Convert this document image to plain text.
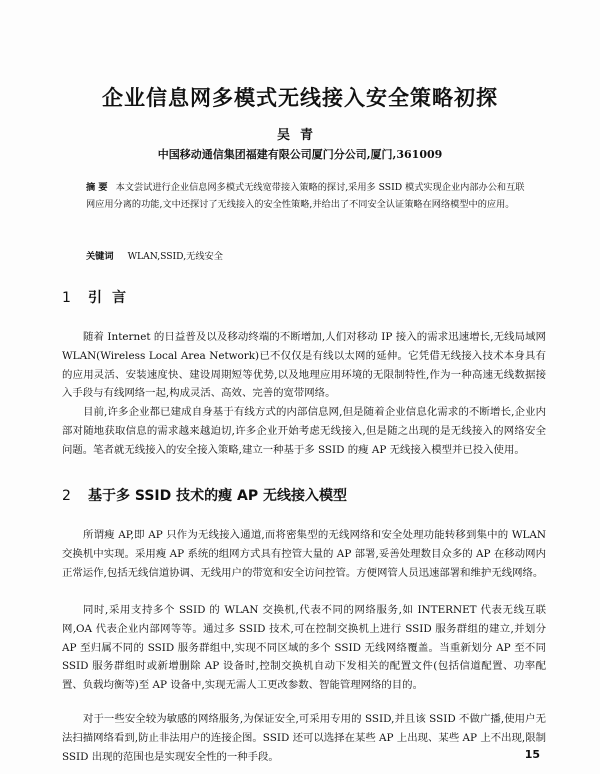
企业信息网多模式无线接入安全策略初探
吴青
中国移动通信集团福建有限公司厦门分公司,厦门,361009
摘 要 本文尝试进行企业信息网多模式无线宽带接入策略的探讨,采用多 SSID 模式实现企业内部办公和互联网应用分离的功能,文中还探讨了无线接入的安全性策略,并给出了不同安全认证策略在网络模型中的应用。
关键词 WLAN,SSID,无线安全
1 引言

随着 Internet 的日益普及以及移动终端的不断增加,人们对移动 IP 接入的需求迅速增长,无线局域网 WLAN(Wireless Local Area Network)已不仅仅是有线以太网的延伸。它凭借无线接入技术本身具有的应用灵活、安装速度快、建设周期短等优势,以及地理应用环境的无限制特性,作为一种高速无线数据接入手段与有线网络一起,构成灵活、高效、完善的宽带网络。

目前,许多企业都已建成自身基于有线方式的内部信息网,但是随着企业信息化需求的不断增长,企业内部对随地获取信息的需求越来越迫切,许多企业开始考虑无线接入,但是随之出现的是无线接入的网络安全问题。笔者就无线接入的安全接入策略,建立一种基于多 SSID 的瘦 AP 无线接入模型并已投入使用。

2 基于多 SSID 技术的瘦 AP 无线接入模型

所谓瘦 AP,即 AP 只作为无线接入通道,而将密集型的无线网络和安全处理功能转移到集中的 WLAN 交换机中实现。采用瘦 AP 系统的组网方式具有控管大量的 AP 部署,妥善处理数目众多的 AP 在移动网内正常运作,包括无线信道协调、无线用户的带宽和安全访问控管。方便网管人员迅速部署和维护无线网络。

同时,采用支持多个 SSID 的 WLAN 交换机,代表不同的网络服务,如 INTERNET 代表无线互联网,OA 代表企业内部网等等。通过多 SSID 技术,可在控制交换机上进行 SSID 服务群组的建立,并划分 AP 至归属不同的 SSID 服务群组中,实现不同区域的多个 SSID 无线网络覆盖。当重新划分 AP 至不同 SSID 服务群组时或新增删除 AP 设备时,控制交换机自动下发相关的配置文件(包括信道配置、功率配置、负载均衡等)至 AP 设备中,实现无需人工更改参数、智能管理网络的目的。

对于一些安全较为敏感的网络服务,为保证安全,可采用专用的 SSID,并且该 SSID 不做广播,使用户无法扫描网络看到,防止非法用户的连接企图。SSID 还可以选择在某些 AP 上出现、某些 AP 上不出现,限制 SSID 出现的范围也是实现安全性的一种手段。	15
